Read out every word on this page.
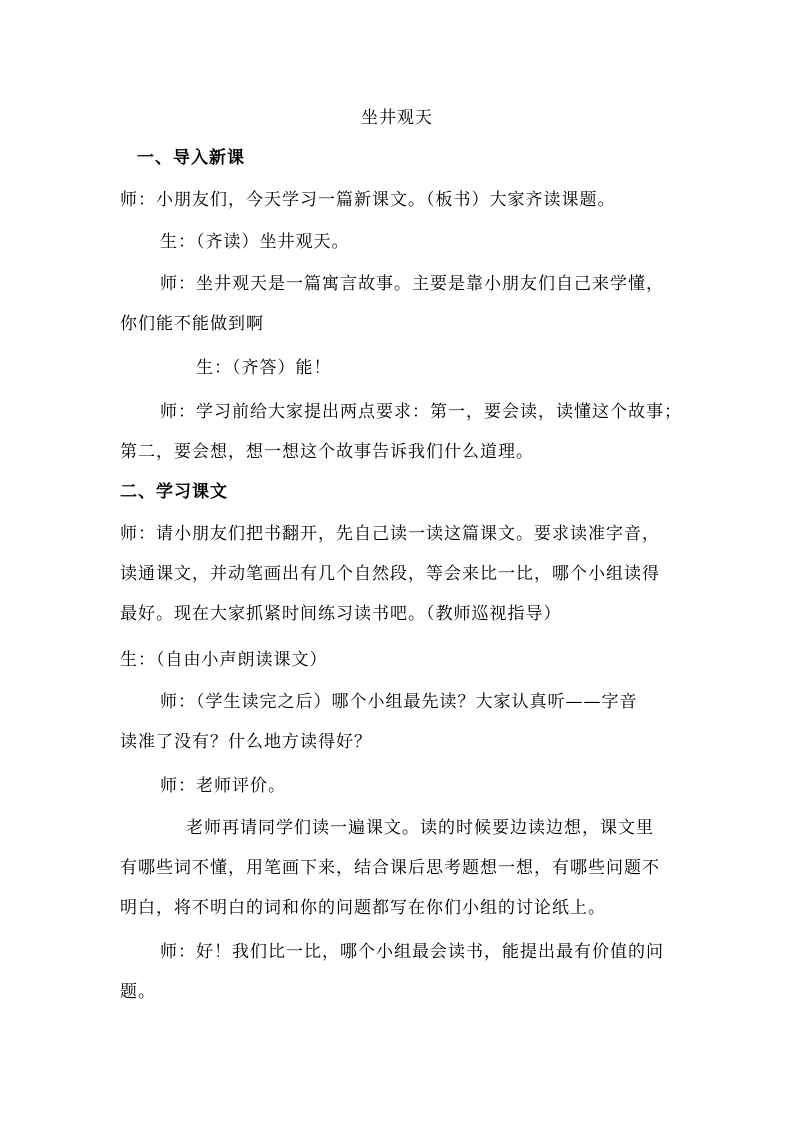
坐井观天
一、导入新课
师：小朋友们，今天学习一篇新课文。（板书）大家齐读课题。
生：（齐读）坐井观天。
师：坐井观天是一篇寓言故事。主要是靠小朋友们自己来学懂，
你们能不能做到啊
生：（齐答）能！
师：学习前给大家提出两点要求：第一，要会读，读懂这个故事；
第二，要会想，想一想这个故事告诉我们什么道理。
二、学习课文
师：请小朋友们把书翻开，先自己读一读这篇课文。要求读准字音，
读通课文，并动笔画出有几个自然段，等会来比一比，哪个小组读得
最好。现在大家抓紧时间练习读书吧。（教师巡视指导）
生：（自由小声朗读课文）
师：（学生读完之后）哪个小组最先读？大家认真听——字音
读准了没有？什么地方读得好？
师：老师评价。
老师再请同学们读一遍课文。读的时候要边读边想，课文里
有哪些词不懂，用笔画下来，结合课后思考题想一想，有哪些问题不
明白，将不明白的词和你的问题都写在你们小组的讨论纸上。
师：好！我们比一比，哪个小组最会读书，能提出最有价值的问
题。
